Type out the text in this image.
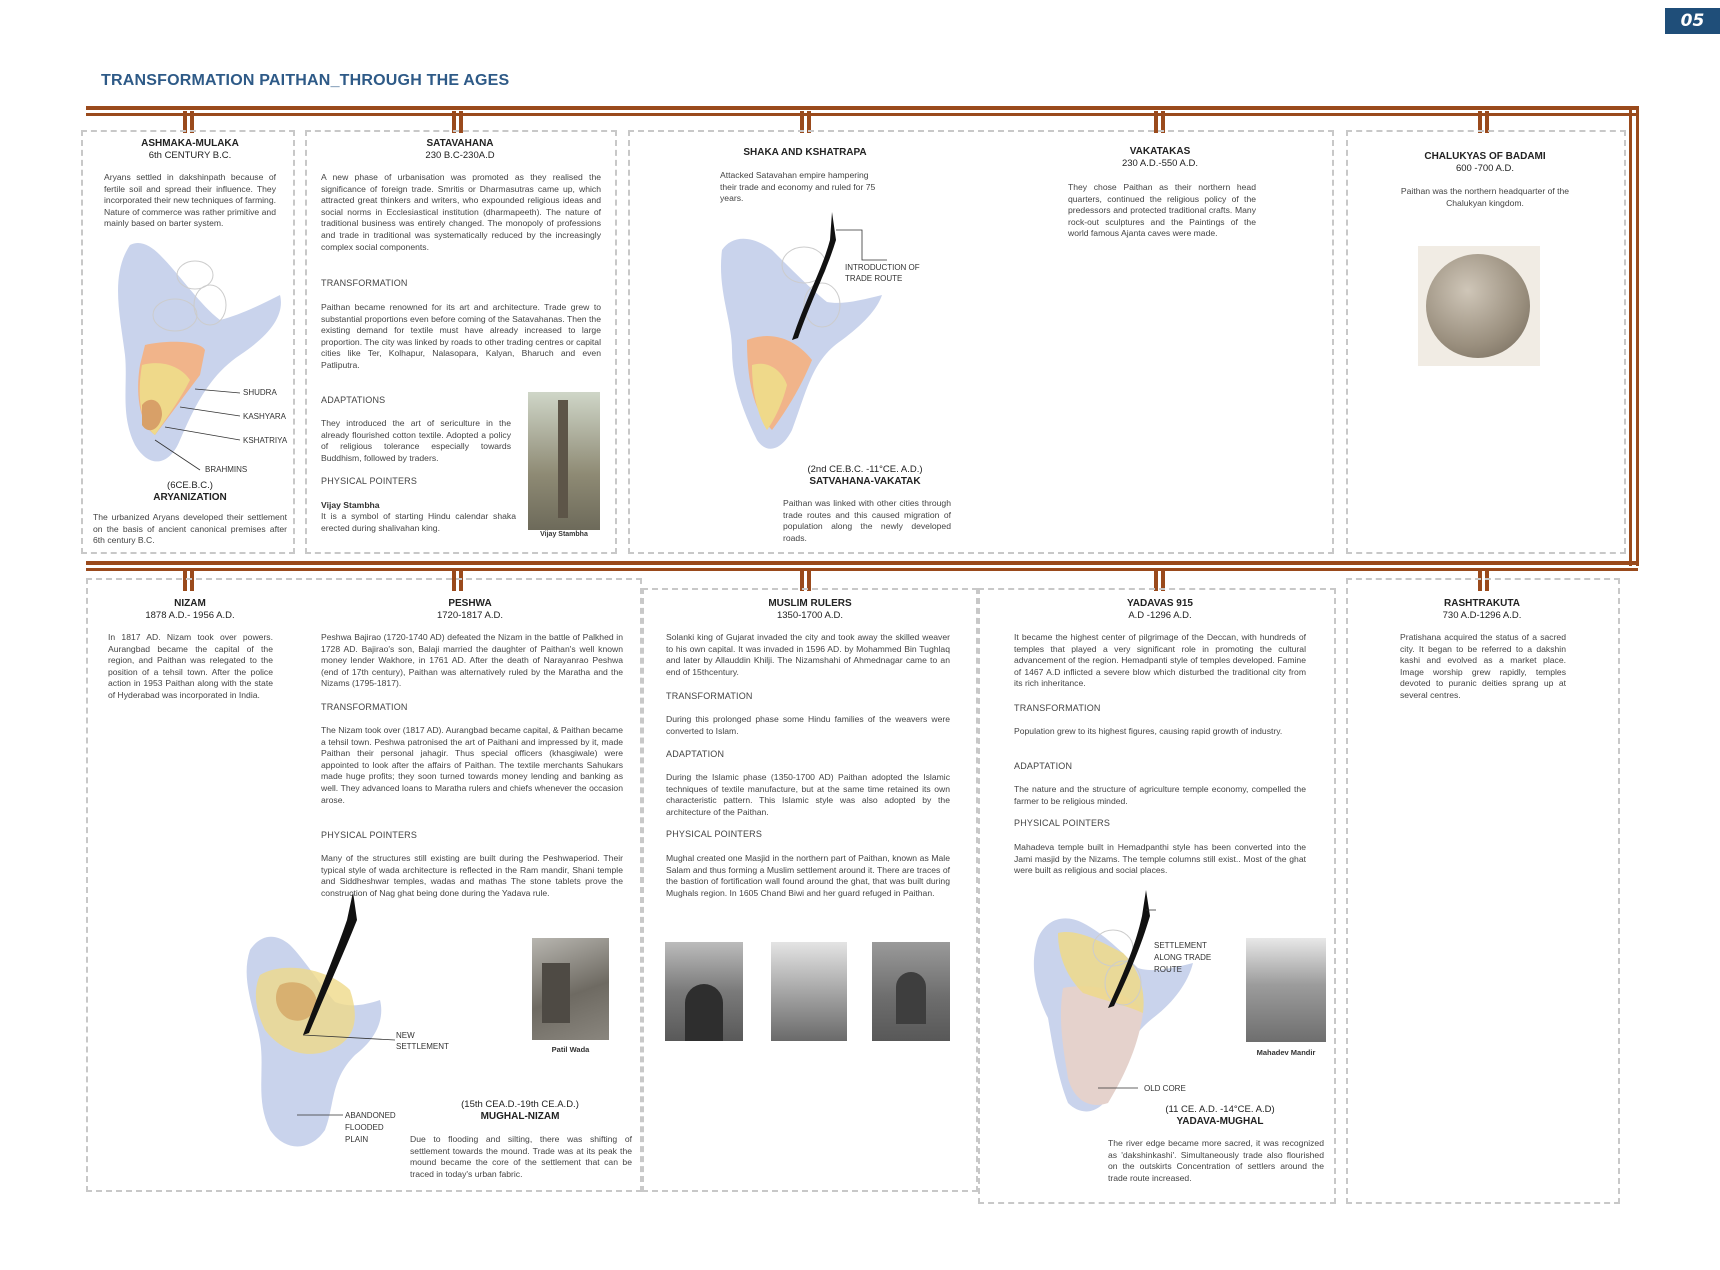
05
TRANSFORMATION PAITHAN_THROUGH THE AGES
ASHMAKA-MULAKA
6th CENTURY B.C.
Aryans settled in dakshinpath because of fertile soil and spread their influence. They incorporated their new techniques of farming. Nature of commerce was rather primitive and mainly based on barter system.
SHUDRA
KASHYARA
KSHATRIYA
BRAHMINS
(6CE.B.C.)
ARYANIZATION
The urbanized Aryans developed their settlement on the basis of ancient canonical premises after 6th century B.C.
SATAVAHANA
230 B.C-230A.D
A new phase of urbanisation was promoted as they realised the significance of foreign trade. Smritis or Dharmasutras came up, which attracted great thinkers and writers, who expounded religious ideas and social norms in Ecclesiastical institution (dharmapeeth). The nature of traditional business was entirely changed. The monopoly of professions and trade in traditional was systematically reduced by the increasingly complex social components.
TRANSFORMATION
Paithan became renowned for its art and architecture. Trade grew to substantial proportions even before coming of the Satavahanas. Then the existing demand for textile must have already increased to large proportion. The city was linked by roads to other trading centres or capital cities like Ter, Kolhapur, Nalasopara, Kalyan, Bharuch and even Patliputra.
ADAPTATIONS
They introduced the art of sericulture in the already flourished cotton textile. Adopted a policy of religious tolerance especially towards Buddhism, followed by traders.
PHYSICAL POINTERS
Vijay Stambha
It is a symbol of starting Hindu calendar shaka erected during shalivahan king.
Vijay Stambha
SHAKA AND KSHATRAPA
Attacked Satavahan empire hampering their trade and economy and ruled for 75 years.
INTRODUCTION OF TRADE ROUTE
(2nd CE.B.C. -11°CE. A.D.)
SATVAHANA-VAKATAK
Paithan was linked with other cities through trade routes and this caused migration of population along the newly developed roads.
VAKATAKAS
230 A.D.-550 A.D.
They chose Paithan as their northern head quarters, continued the religious policy of the predessors and protected traditional crafts. Many rock-out sculptures and the Paintings of the world famous Ajanta caves were made.
CHALUKYAS OF BADAMI
600 -700 A.D.
Paithan was the northern headquarter of the Chalukyan kingdom.
NIZAM
1878 A.D.- 1956 A.D.
In 1817 AD. Nizam took over powers. Aurangbad became the capital of the region, and Paithan was relegated to the position of a tehsil town. After the police action in 1953 Paithan along with the state of Hyderabad was incorporated in India.
PESHWA
1720-1817 A.D.
Peshwa Bajirao (1720-1740 AD) defeated the Nizam in the battle of Palkhed in 1728 AD. Bajirao's son, Balaji married the daughter of Paithan's well known money lender Wakhore, in 1761 AD. After the death of Narayanrao Peshwa (end of 17th century), Paithan was alternatively ruled by the Maratha and the Nizams (1795-1817).
TRANSFORMATION
The Nizam took over (1817 AD). Aurangbad became capital, & Paithan became a tehsil town. Peshwa patronised the art of Paithani and impressed by it, made Paithan their personal jahagir. Thus special officers (khasgiwale) were appointed to look after the affairs of Paithan. The textile merchants Sahukars made huge profits; they soon turned towards money lending and banking as well. They advanced loans to Maratha rulers and chiefs whenever the occasion arose.
PHYSICAL POINTERS
Many of the structures still existing are built during the Peshwaperiod. Their typical style of wada architecture is reflected in the Ram mandir, Shani temple and Siddheshwar temples, wadas and mathas The stone tablets prove the construction of Nag ghat being done during the Yadava rule.
NEW SETTLEMENT
ABANDONED FLOODED PLAIN
Patil Wada
(15th CEA.D.-19th CE.A.D.)
MUGHAL-NIZAM
Due to flooding and silting, there was shifting of settlement towards the mound. Trade was at its peak the mound became the core of the settlement that can be traced in today's urban fabric.
MUSLIM RULERS
1350-1700 A.D.
Solanki king of Gujarat invaded the city and took away the skilled weaver to his own capital. It was invaded in 1596 AD. by Mohammed Bin Tughlaq and later by Allauddin Khilji. The Nizamshahi of Ahmednagar came to an end of 15thcentury.
TRANSFORMATION
During this prolonged phase some Hindu families of the weavers were converted to Islam.
ADAPTATION
During the Islamic phase (1350-1700 AD) Paithan adopted the Islamic techniques of textile manufacture, but at the same time retained its own characteristic pattern. This Islamic style was also adopted by the architecture of the Paithan.
PHYSICAL POINTERS
Mughal created one Masjid in the northern part of Paithan, known as Male Salam and thus forming a Muslim settlement around it. There are traces of the bastion of fortification wall found around the ghat, that was built during Mughals region. In 1605 Chand Biwi and her guard refuged in Paithan.
YADAVAS 915
A.D -1296 A.D.
It became the highest center of pilgrimage of the Deccan, with hundreds of temples that played a very significant role in promoting the cultural advancement of the region. Hemadpanti style of temples developed. Famine of 1467 A.D inflicted a severe blow which disturbed the traditional city from its rich inheritance.
TRANSFORMATION
Population grew to its highest figures, causing rapid growth of industry.
ADAPTATION
The nature and the structure of agriculture temple economy, compelled the farmer to be religious minded.
PHYSICAL POINTERS
Mahadeva temple built in Hemadpanthi style has been converted into the Jami masjid by the Nizams. The temple columns still exist.. Most of the ghat were built as religious and social places.
SETTLEMENT ALONG TRADE ROUTE
OLD CORE
Mahadev Mandir
(11 CE. A.D. -14°CE. A.D)
YADAVA-MUGHAL
The river edge became more sacred, it was recognized as 'dakshinkashi'. Simultaneously trade also flourished on the outskirts Concentration of settlers around the trade route increased.
RASHTRAKUTA
730 A.D-1296 A.D.
Pratishana acquired the status of a sacred city. It began to be referred to a dakshin kashi and evolved as a market place. Image worship grew rapidly, temples devoted to puranic deities sprang up at several centres.
